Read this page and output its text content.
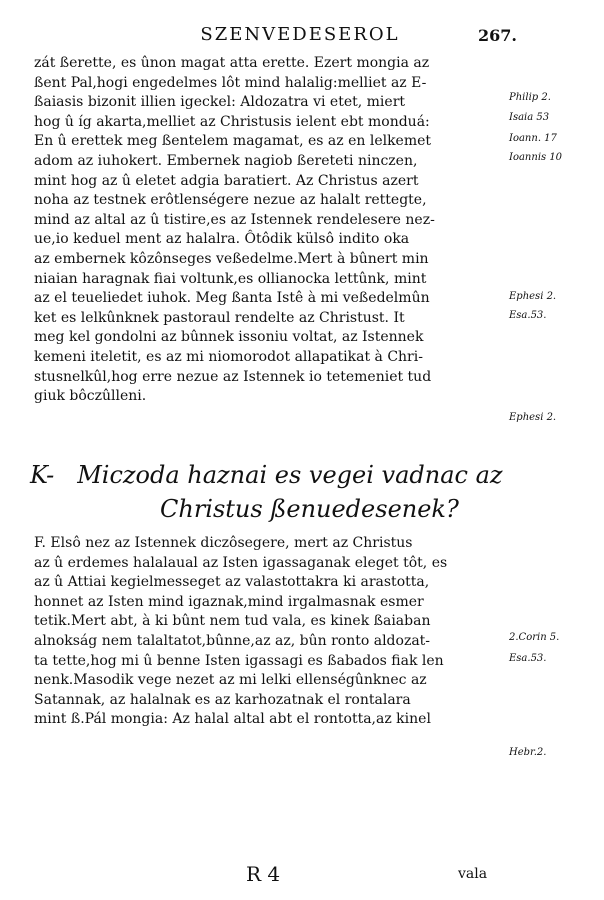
SZENVEDESEROL	267.
zát ßerette, es ûnon magat atta erette. Ezert mongia az
ßent Pal,hogi engedelmes lôt mind halalig:melliet az E-
ßaiasis bizonit illien igeckel: Aldozatra vi etet, miert
hog û íg akarta,melliet az Christusis ielent ebt monduá:
En û erettek meg ßentelem magamat, es az en lelkemet
adom az iuhokert. Embernek nagiob ßereteti ninczen,
mint hog az û eletet adgia baratiert. Az Christus azert
noha az testnek erôtlenségere nezue az halalt rettegte,
mind az altal az û tistire,es az Istennek rendelesere nez-
ue,io keduel ment az halalra. Ôtôdik külsô indito oka
az embernek kôzônseges veßedelme.Mert à bûnert min
niaian haragnak fiai voltunk,es ollianocka lettûnk, mint
az el teueliedet iuhok. Meg ßanta Istê à mi veßedelmûn
ket es lelkûnknek pastoraul rendelte az Christust. It
meg kel gondolni az bûnnek issoniu voltat, az Istennek
kemeni iteletit, es az mi niomorodot allapatikat à Chri-
stusnelkûl,hog erre nezue az Istennek io tetemeniet tud
giuk bôczûlleni.
K- Miczoda haznai es vegei vadnac az
Christus ßenuedesenek?
F. Elsô nez az Istennek diczôsegere, mert az Christus
az û erdemes halalaual az Isten igassaganak eleget tôt, es
az û Attiai kegielmesseget az valastottakra ki arastotta,
honnet az Isten mind igaznak,mind irgalmasnak esmer
tetik.Mert abt, à ki bûnt nem tud vala, es kinek ßaiaban
alnokság nem talaltatot,bûnne,az az, bûn ronto aldozat-
ta tette,hog mi û benne Isten igassagi es ßabados fiak len
nenk.Masodik vege nezet az mi lelki ellenségûnknec az
Satannak, az halalnak es az karhozatnak el rontalara
mint ß.Pál mongia: Az halal altal abt el rontotta,az kinel
Philip 2.
Isaia 53
Ioann. 17
Ioannis 10
Ephesi 2.
Esa.53.
Ephesi 2.
2.Corin 5.
Esa.53.
Hebr.2.
R 4	vala
